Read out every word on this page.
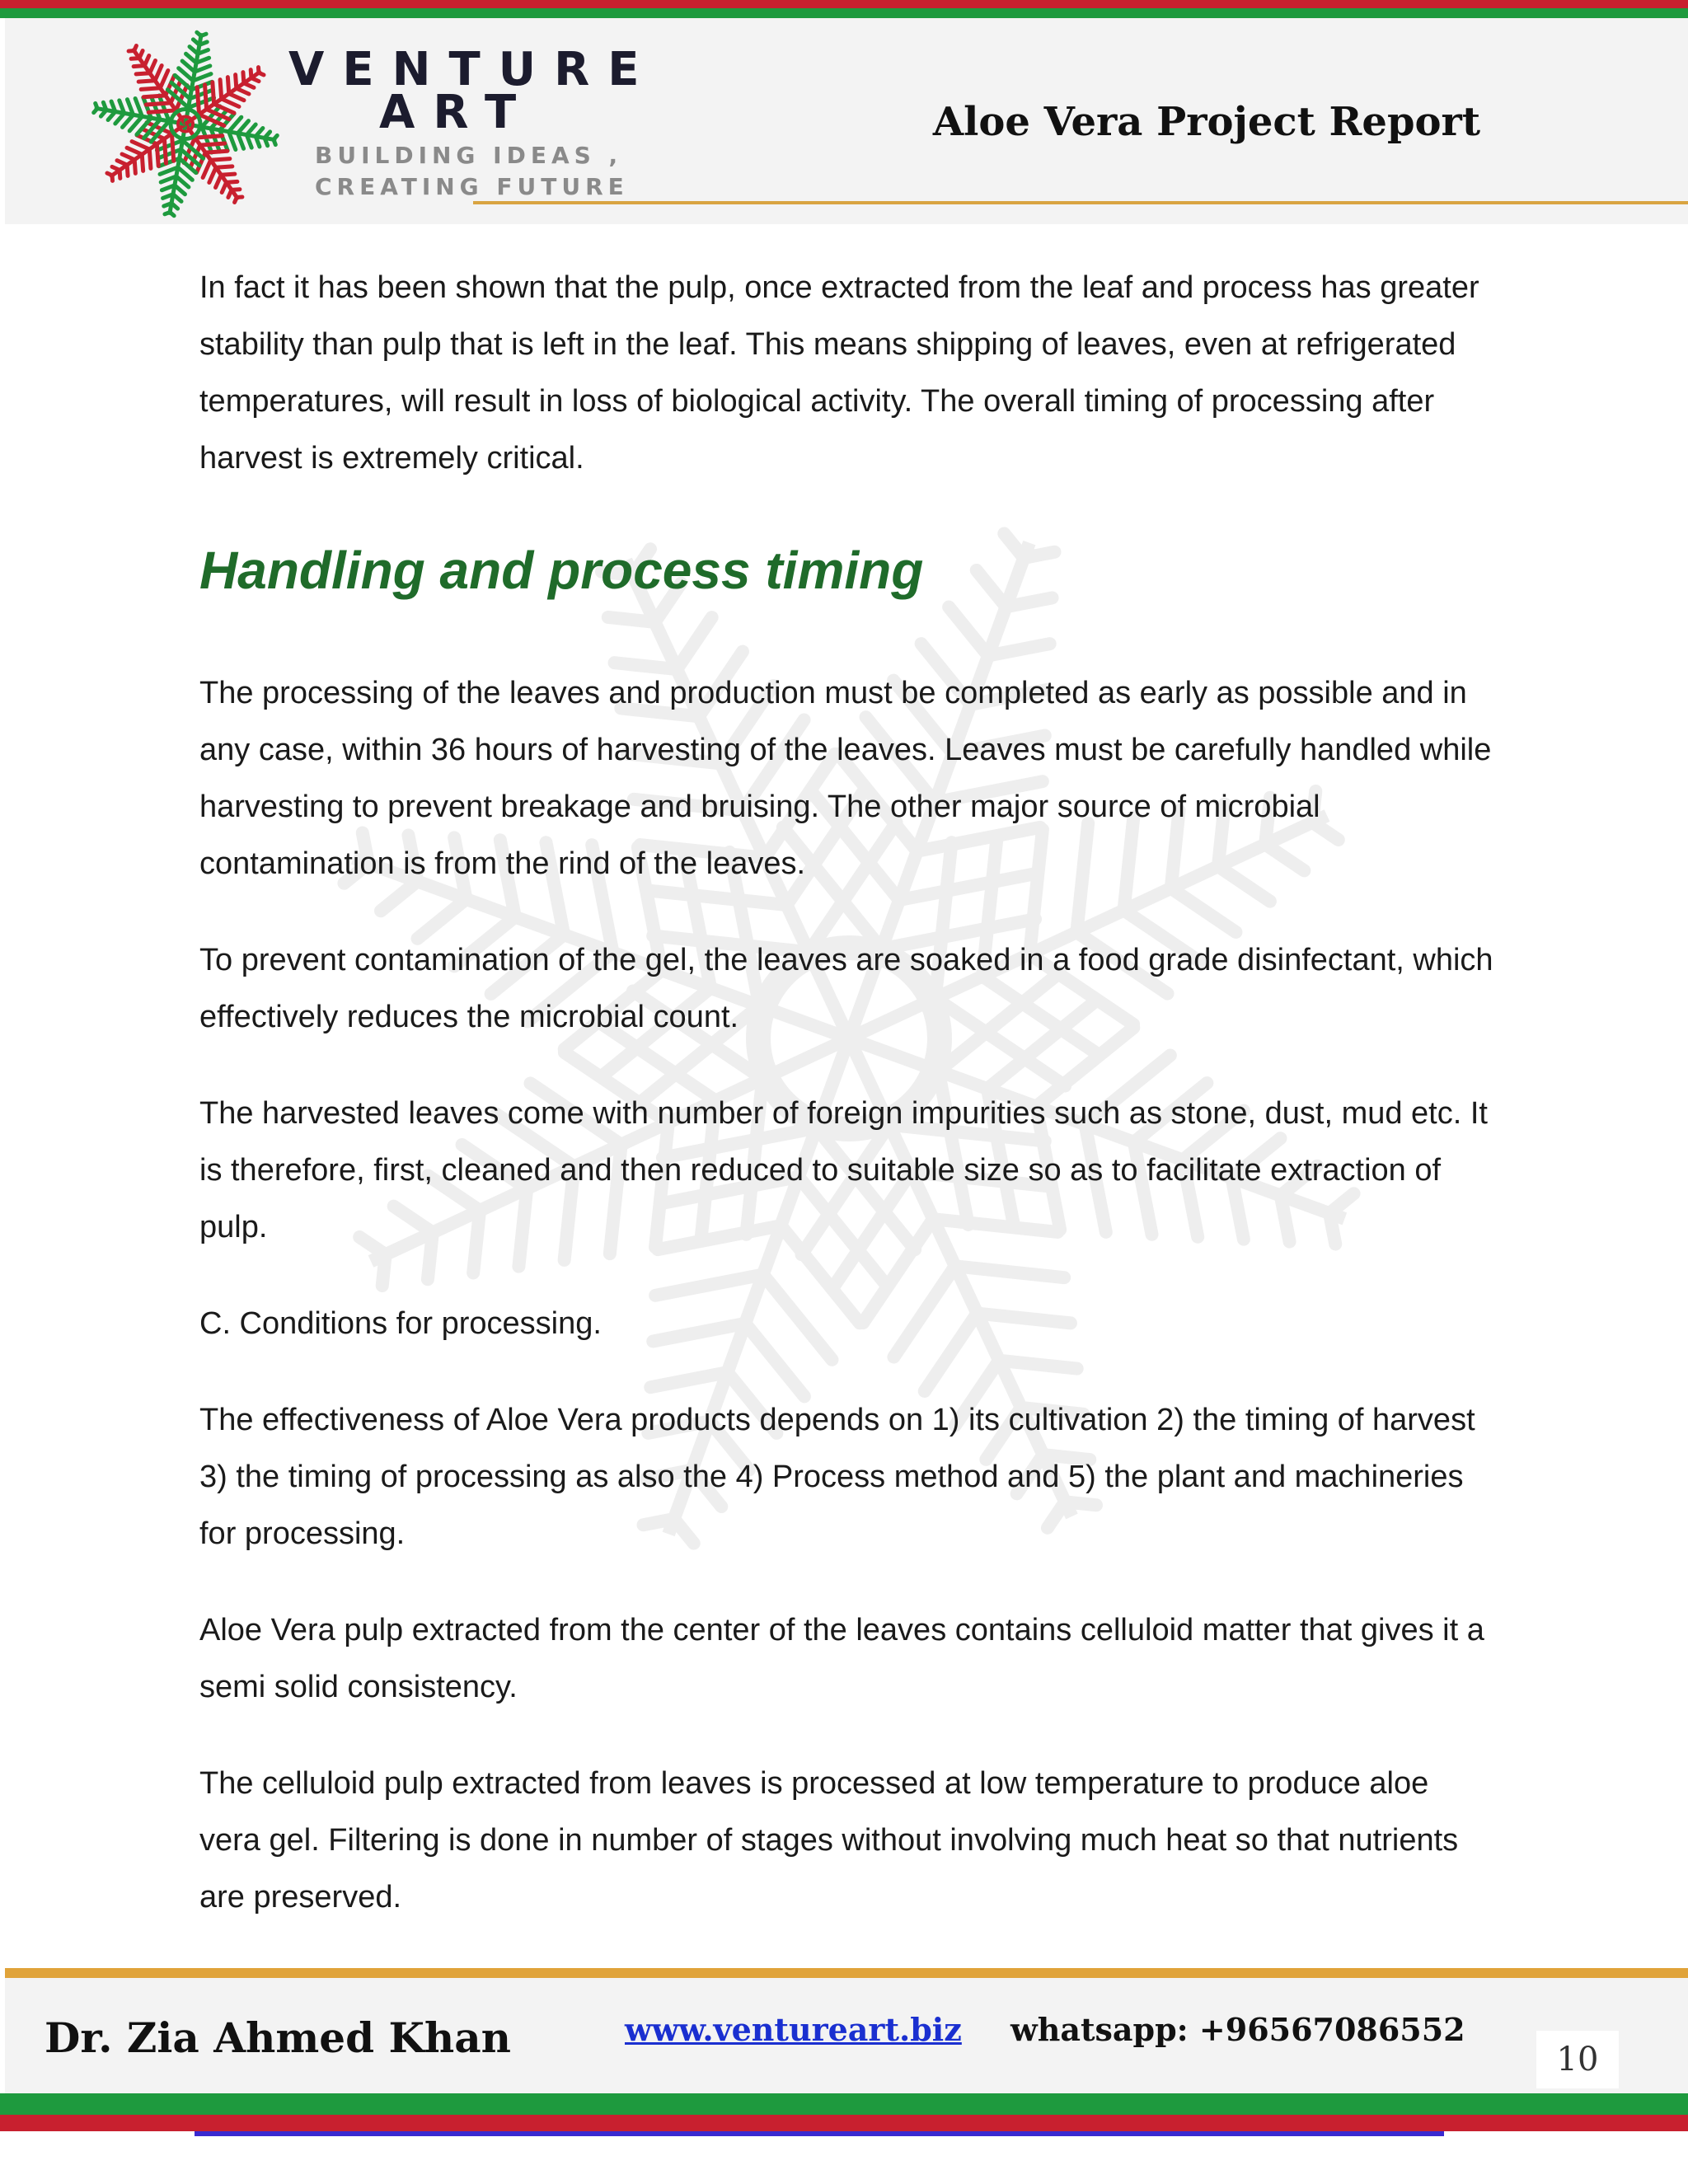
VENTURE
ART
BUILDING IDEAS ,
CREATING FUTURE
Aloe Vera Project Report

In fact it has been shown that the pulp, once extracted from the leaf and process has greater stability than pulp that is left in the leaf. This means shipping of leaves, even at refrigerated temperatures, will result in loss of biological activity. The overall timing of processing after harvest is extremely critical.

Handling and process timing

The processing of the leaves and production must be completed as early as possible and in any case, within 36 hours of harvesting of the leaves. Leaves must be carefully handled while harvesting to prevent breakage and bruising. The other major source of microbial contamination is from the rind of the leaves.

To prevent contamination of the gel, the leaves are soaked in a food grade disinfectant, which effectively reduces the microbial count.

The harvested leaves come with number of foreign impurities such as stone, dust, mud etc. It is therefore, first, cleaned and then reduced to suitable size so as to facilitate extraction of pulp.

C. Conditions for processing.

The effectiveness of Aloe Vera products depends on 1) its cultivation 2) the timing of harvest 3) the timing of processing as also the 4) Process method and 5) the plant and machineries for processing.

Aloe Vera pulp extracted from the center of the leaves contains celluloid matter that gives it a semi solid consistency.

The celluloid pulp extracted from leaves is processed at low temperature to produce aloe vera gel. Filtering is done in number of stages without involving much heat so that nutrients are preserved.

Dr. Zia Ahmed Khan	www.ventureart.biz whatsapp: +96567086552
10
